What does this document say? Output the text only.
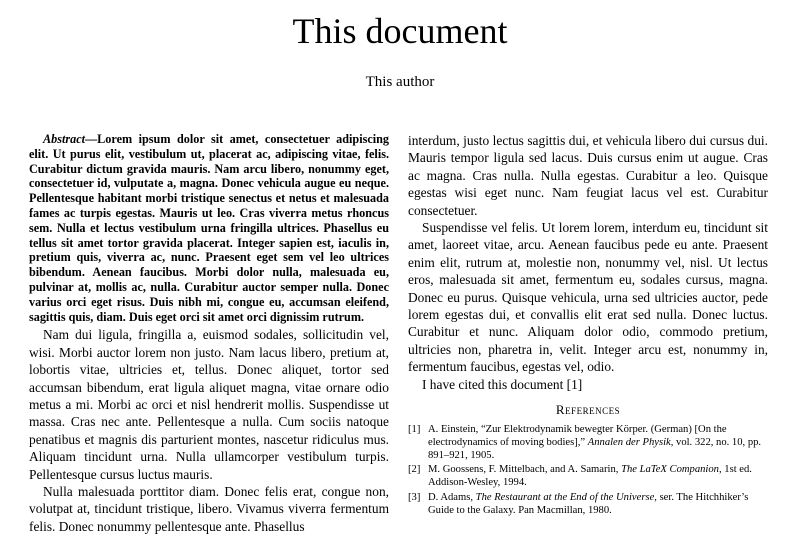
This document
This author

Abstract—Lorem ipsum dolor sit amet, consectetuer adipiscing elit. Ut purus elit, vestibulum ut, placerat ac, adipiscing vitae, felis. Curabitur dictum gravida mauris. Nam arcu libero, nonummy eget, consectetuer id, vulputate a, magna. Donec vehicula augue eu neque. Pellentesque habitant morbi tristique senectus et netus et malesuada fames ac turpis egestas. Mauris ut leo. Cras viverra metus rhoncus sem. Nulla et lectus vestibulum urna fringilla ultrices. Phasellus eu tellus sit amet tortor gravida placerat. Integer sapien est, iaculis in, pretium quis, viverra ac, nunc. Praesent eget sem vel leo ultrices bibendum. Aenean faucibus. Morbi dolor nulla, malesuada eu, pulvinar at, mollis ac, nulla. Curabitur auctor semper nulla. Donec varius orci eget risus. Duis nibh mi, congue eu, accumsan eleifend, sagittis quis, diam. Duis eget orci sit amet orci dignissim rutrum.

Nam dui ligula, fringilla a, euismod sodales, sollicitudin vel, wisi. Morbi auctor lorem non justo. Nam lacus libero, pretium at, lobortis vitae, ultricies et, tellus. Donec aliquet, tortor sed accumsan bibendum, erat ligula aliquet magna, vitae ornare odio metus a mi. Morbi ac orci et nisl hendrerit mollis. Suspendisse ut massa. Cras nec ante. Pellentesque a nulla. Cum sociis natoque penatibus et magnis dis parturient montes, nascetur ridiculus mus. Aliquam tincidunt urna. Nulla ullamcorper vestibulum turpis. Pellentesque cursus luctus mauris.

Nulla malesuada porttitor diam. Donec felis erat, congue non, volutpat at, tincidunt tristique, libero. Vivamus viverra fermentum felis. Donec nonummy pellentesque ante. Phasellus

interdum, justo lectus sagittis dui, et vehicula libero dui cursus dui. Mauris tempor ligula sed lacus. Duis cursus enim ut augue. Cras ac magna. Cras nulla. Nulla egestas. Curabitur a leo. Quisque egestas wisi eget nunc. Nam feugiat lacus vel est. Curabitur consectetuer.

Suspendisse vel felis. Ut lorem lorem, interdum eu, tincidunt sit amet, laoreet vitae, arcu. Aenean faucibus pede eu ante. Praesent enim elit, rutrum at, molestie non, nonummy vel, nisl. Ut lectus eros, malesuada sit amet, fermentum eu, sodales cursus, magna. Donec eu purus. Quisque vehicula, urna sed ultricies auctor, pede lorem egestas dui, et convallis elit erat sed nulla. Donec luctus. Curabitur et nunc. Aliquam dolor odio, commodo pretium, ultricies non, pharetra in, velit. Integer arcu est, nonummy in, fermentum faucibus, egestas vel, odio.

I have cited this document [1]

References
[1] A. Einstein, “Zur Elektrodynamik bewegter Körper. (German) [On the electrodynamics of moving bodies],” Annalen der Physik, vol. 322, no. 10, pp. 891–921, 1905.
[2] M. Goossens, F. Mittelbach, and A. Samarin, The LaTeX Companion, 1st ed. Addison-Wesley, 1994.
[3] D. Adams, The Restaurant at the End of the Universe, ser. The Hitchhiker’s Guide to the Galaxy. Pan Macmillan, 1980.
